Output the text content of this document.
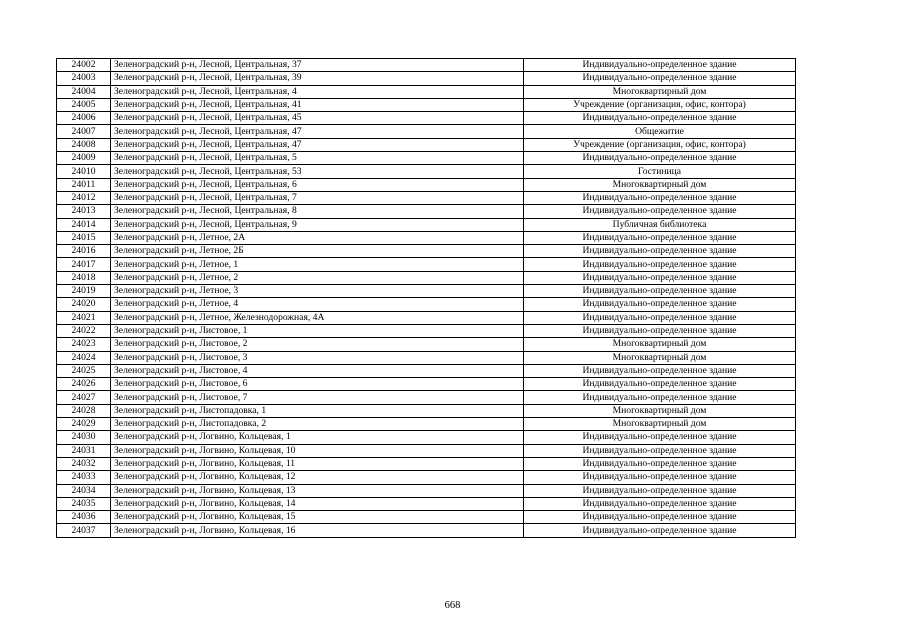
24002	Зеленоградский р-н, Лесной, Центральная, 37	Индивидуально-определенное здание
24003	Зеленоградский р-н, Лесной, Центральная, 39	Индивидуально-определенное здание
24004	Зеленоградский р-н, Лесной, Центральная, 4	Многоквартирный дом
24005	Зеленоградский р-н, Лесной, Центральная, 41	Учреждение (организация, офис, контора)
24006	Зеленоградский р-н, Лесной, Центральная, 45	Индивидуально-определенное здание
24007	Зеленоградский р-н, Лесной, Центральная, 47	Общежитие
24008	Зеленоградский р-н, Лесной, Центральная, 47	Учреждение (организация, офис, контора)
24009	Зеленоградский р-н, Лесной, Центральная, 5	Индивидуально-определенное здание
24010	Зеленоградский р-н, Лесной, Центральная, 53	Гостиница
24011	Зеленоградский р-н, Лесной, Центральная, 6	Многоквартирный дом
24012	Зеленоградский р-н, Лесной, Центральная, 7	Индивидуально-определенное здание
24013	Зеленоградский р-н, Лесной, Центральная, 8	Индивидуально-определенное здание
24014	Зеленоградский р-н, Лесной, Центральная, 9	Публичная библиотека
24015	Зеленоградский р-н, Летное, 2А	Индивидуально-определенное здание
24016	Зеленоградский р-н, Летное, 2Б	Индивидуально-определенное здание
24017	Зеленоградский р-н, Летное, 1	Индивидуально-определенное здание
24018	Зеленоградский р-н, Летное, 2	Индивидуально-определенное здание
24019	Зеленоградский р-н, Летное, 3	Индивидуально-определенное здание
24020	Зеленоградский р-н, Летное, 4	Индивидуально-определенное здание
24021	Зеленоградский р-н, Летное, Железнодорожная, 4А	Индивидуально-определенное здание
24022	Зеленоградский р-н, Листовое, 1	Индивидуально-определенное здание
24023	Зеленоградский р-н, Листовое, 2	Многоквартирный дом
24024	Зеленоградский р-н, Листовое, 3	Многоквартирный дом
24025	Зеленоградский р-н, Листовое, 4	Индивидуально-определенное здание
24026	Зеленоградский р-н, Листовое, 6	Индивидуально-определенное здание
24027	Зеленоградский р-н, Листовое, 7	Индивидуально-определенное здание
24028	Зеленоградский р-н, Листопадовка, 1	Многоквартирный дом
24029	Зеленоградский р-н, Листопадовка, 2	Многоквартирный дом
24030	Зеленоградский р-н, Логвино, Кольцевая, 1	Индивидуально-определенное здание
24031	Зеленоградский р-н, Логвино, Кольцевая, 10	Индивидуально-определенное здание
24032	Зеленоградский р-н, Логвино, Кольцевая, 11	Индивидуально-определенное здание
24033	Зеленоградский р-н, Логвино, Кольцевая, 12	Индивидуально-определенное здание
24034	Зеленоградский р-н, Логвино, Кольцевая, 13	Индивидуально-определенное здание
24035	Зеленоградский р-н, Логвино, Кольцевая, 14	Индивидуально-определенное здание
24036	Зеленоградский р-н, Логвино, Кольцевая, 15	Индивидуально-определенное здание
24037	Зеленоградский р-н, Логвино, Кольцевая, 16	Индивидуально-определенное здание
668
